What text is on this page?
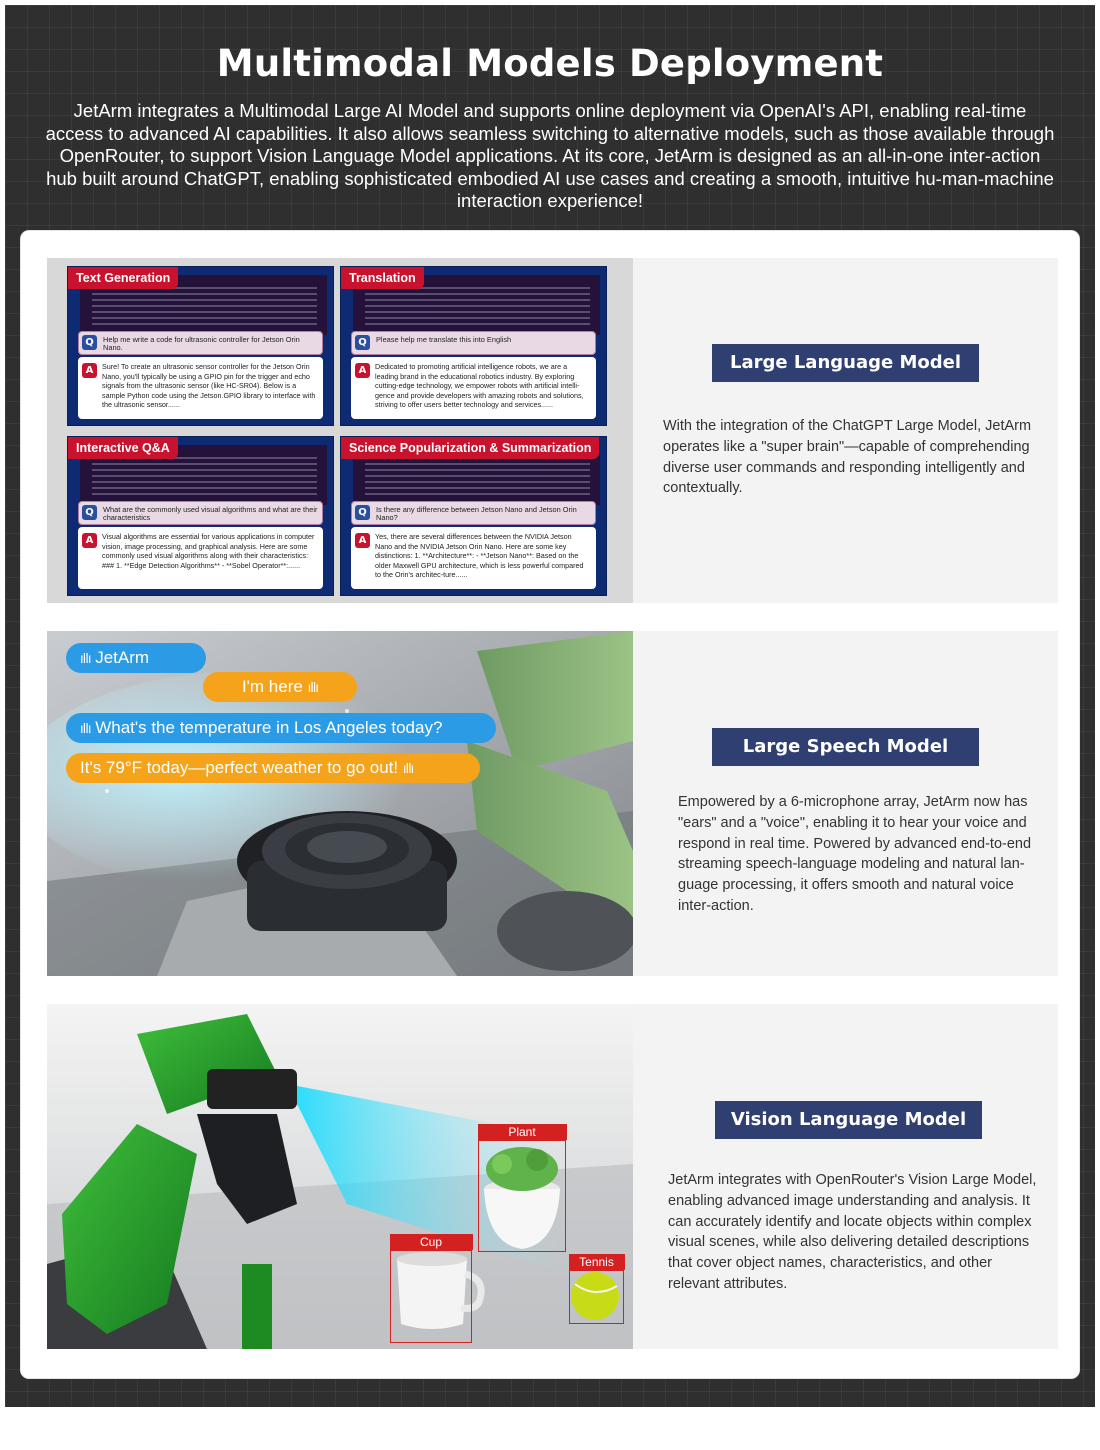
Multimodal Models Deployment

JetArm integrates a Multimodal Large AI Model and supports online deployment via OpenAI's API, enabling real-time access to advanced AI capabilities. It also allows seamless switching to alternative models, such as those available through OpenRouter, to support Vision Language Model applications. At its core, JetArm is designed as an all-in-one inter-action hub built around ChatGPT, enabling sophisticated embodied AI use cases and creating a smooth, intuitive hu-man-machine interaction experience!

Text Generation
Q	Help me write a code for ultrasonic controller for Jetson Orin Nano.
A	Sure! To create an ultrasonic sensor controller for the Jetson Orin Nano, you'll typically be using a GPIO pin for the trigger and echo signals from the ultrasonic sensor (like HC-SR04). Below is a sample Python code using the Jetson.GPIO library to interface with the ultrasonic sensor......
Translation
Q	Please help me translate this into English
A	Dedicated to promoting artificial intelligence robots, we are a leading brand in the educational robotics industry. By exploring cutting-edge technology, we empower robots with artificial intelli-gence and provide developers with amazing robots and solutions, striving to offer users better technology and services......
Interactive Q&A
Q	What are the commonly used visual algorithms and what are their characteristics
A	Visual algorithms are essential for various applications in computer vision, image processing, and graphical analysis. Here are some commonly used visual algorithms along with their characteristics: ### 1. **Edge Detection Algorithms** - **Sobel Operator**:......
Science Popularization & Summarization
Q	Is there any difference between Jetson Nano and Jetson Orin Nano?
A	Yes, there are several differences between the NVIDIA Jetson Nano and the NVIDIA Jetson Orin Nano. Here are some key distinctions: 1. **Architecture**: - **Jetson Nano**: Based on the older Maxwell GPU architecture, which is less powerful compared to the Orin's architec-ture......
Large Language Model
With the integration of the ChatGPT Large Model, JetArm operates like a "super brain"—capable of comprehending diverse user commands and responding intelligently and contextually.
ıllı JetArm
I'm here ıllı
ıllı What's the temperature in Los Angeles today?
It's 79°F today—perfect weather to go out! ıllı
Large Speech Model
Empowered by a 6-microphone array, JetArm now has "ears" and a "voice", enabling it to hear your voice and respond in real time. Powered by advanced end-to-end streaming speech-language modeling and natural lan-guage processing, it offers smooth and natural voice inter-action.
Plant
Cup
Tennis
Vision Language Model
JetArm integrates with OpenRouter's Vision Large Model, enabling advanced image understanding and analysis. It can accurately identify and locate objects within complex visual scenes, while also delivering detailed descriptions that cover object names, characteristics, and other relevant attributes.
